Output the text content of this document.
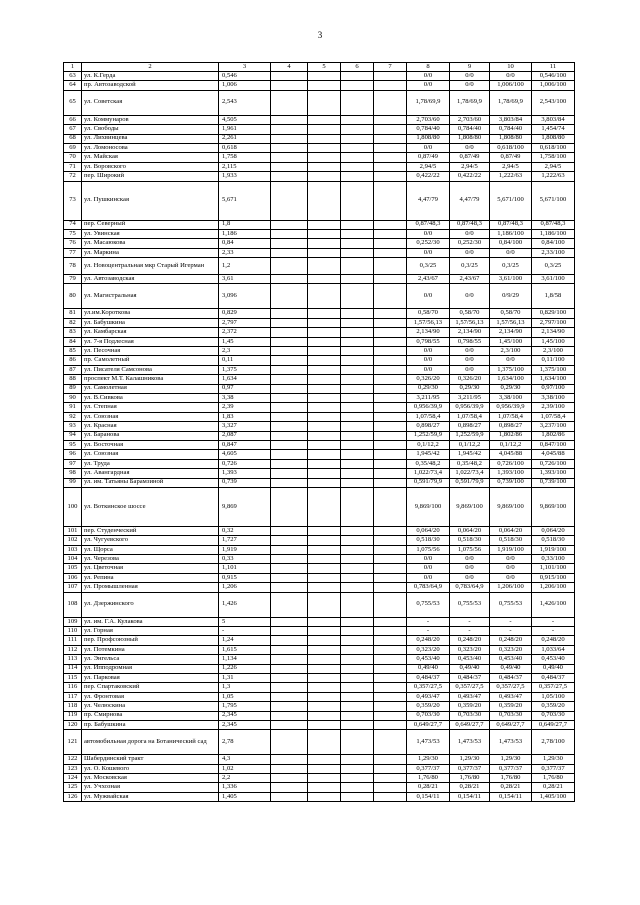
3
1	2	3	4	5	6	7	8	9	10	11
63	ул. К.Герда	0,546					0/0	0/0	0/0	0,546/100
64	пр. Автозаводской	1,006					0/0	0/0	1,006/100	1,006/100
65	ул. Советская	2,543					1,78/69,9	1,78/69,9	1,78/69,9	2,543/100
66	ул. Коммунаров	4,505					2,703/60	2,703/60	3,803/84	3,803/84
67	ул. Свободы	1,961					0,784/40	0,784/40	0,784/40	1,454/74
68	ул. Лихвинцева	2,261					1,808/80	1,808/80	1,808/80	1,808/80
69	ул. Ломоносова	0,618					0/0	0/0	0,618/100	0,618/100
70	ул. Майская	1,758					0,87/49	0,87/49	0,87/49	1,758/100
71	ул. Воровского	2,115					2,94/5	2,94/5	2,94/5	2,94/5
72	пер. Широкий	1,933					0,422/22	0,422/22	1,222/63	1,222/63
73	ул. Пушкинская	5,671					4,47/79	4,47/79	5,671/100	5,671/100
74	пер. Северный	1,8					0,87/48,3	0,87/48,3	0,87/48,3	0,87/48,3
75	ул. Увинская	1,186					0/0	0/0	1,186/100	1,186/100
76	ул. Масаюкова	0,84					0,252/30	0,252/30	0,84/100	0,84/100
77	ул. Маркина	2,33					0/0	0/0	0/0	2,33/100
78	ул. Новоцентральная мкр Старый Игерман	1,2					0,3/25	0,3/25	0,3/25	0,3/25
79	ул. Автозаводская	3,61					2,43/67	2,43/67	3,61/100	3,61/100
80	ул. Магистральная	3,096					0/0	0/0	0/9/29	1,8/58
81	ул.им.Короткова	0,829					0,58/70	0,58/70	0,58/70	0,829/100
82	ул. Бабушкина	2,797					1,57/56,13	1,57/56,13	1,57/56,13	2,797/100
83	ул. Камбарская	2,372					2,134/90	2,134/90	2,134/90	2,134/90
84	ул. 7-я Подлесная	1,45					0,798/55	0,798/55	1,45/100	1,45/100
85	ул. Песочная	2,3					0/0	0/0	2,3/100	2,3/100
86	пр. Самолетный	0,11					0/0	0/0	0/0	0,11/100
87	ул. Писателя Самсонова	1,375					0/0	0/0	1,375/100	1,375/100
88	проспект М.Т. Калашникова	1,634					0,326/20	0,326/20	1,634/100	1,634/100
89	ул. Самолетная	0,97					0,29/30	0,29/30	0,29/30	0,97/100
90	ул. В.Сивкова	3,38					3,211/95	3,211/95	3,38/100	3,38/100
91	ул. Степная	2,39					0,956/39,9	0,956/39,9	0,956/39,9	2,39/100
92	ул. Союзная	1,83					1,07/58,4	1,07/58,4	1,07/58,4	1,07/58,4
93	ул. Красная	3,327					0,898/27	0,898/27	0,898/27	3,237/100
94	ул. Баранова	2,087					1,252/59,9	1,252/59,9	1,802/86	1,802/86
95	ул. Восточная	0,847					0,1/12,2	0,1/12,2	0,1/12,2	0,847/100
96	ул. Союзная	4,605					1,945/42	1,945/42	4,045/88	4,045/88
97	ул. Труда	0,726					0,35/48,2	0,35/48,2	0,726/100	0,726/100
98	ул. Авангардная	1,393					1,022/73,4	1,022/73,4	1,393/100	1,393/100
99	ул. им. Татьяны Барамзиной	0,739					0,591/79,9	0,591/79,9	0,739/100	0,739/100
100	ул. Воткинское шоссе	9,869					9,869/100	9,869/100	9,869/100	9,869/100
101	пер. Студенческий	0,32					0,064/20	0,064/20	0,064/20	0,064/20
102	ул. Чугуевского	1,727					0,518/30	0,518/30	0,518/30	0,518/30
103	ул. Щорса	1,919					1,075/56	1,075/56	1,919/100	1,919/100
104	ул. Черезова	0,33					0/0	0/0	0/0	0,33/100
105	ул. Цветочная	1,101					0/0	0/0	0/0	1,101/100
106	ул. Репина	0,915					0/0	0/0	0/0	0,915/100
107	ул. Промышленная	1,206					0,783/64,9	0,783/64,9	1,206/100	1,206/100
108	ул. Дзержинского	1,426					0,755/53	0,755/53	0,755/53	1,426/100
109	ул. им. Г.А. Кулакова	5					-	-	-	-
110	ул. Горная	-					-	-	-	-
111	пер. Профсоюзный	1,24					0,248/20	0,248/20	0,248/20	0,248/20
112	ул. Потемкина	1,615					0,323/20	0,323/20	0,323/20	1,033/64
113	ул. Энгельса	1,134					0,453/40	0,453/40	0,453/40	0,453/40
114	ул. Ипподромная	1,226					0,49/40	0,49/40	0,49/40	0,49/40
115	ул. Парковая	1,31					0,484/37	0,484/37	0,484/37	0,484/37
116	пер. Спартаковский	1,3					0,357/27,5	0,357/27,5	0,357/27,5	0,357/27,5
117	ул. Фронтовая	1,05					0,493/47	0,493/47	0,493/47	1,05/100
118	ул. Челюскина	1,795					0,359/20	0,359/20	0,359/20	0,359/20
119	пр. Смирнова	2,345					0,703/30	0,703/30	0,703/30	0,703/30
120	пр. Бабушкина	2,345					0,649/27,7	0,649/27,7	0,649/27,7	0,649/27,7
121	автомобильная дорога на Ботанический сад	2,78					1,473/53	1,473/53	1,473/53	2,78/100
122	Шабердинский тракт	4,3					1,29/30	1,29/30	1,29/30	1,29/30
123	ул. О. Кошевого	1,02					0,377/37	0,377/37	0,377/37	0,377/37
124	ул. Московская	2,2					1,76/80	1,76/80	1,76/80	1,76/80
125	ул. Учхозная	1,336					0,28/21	0,28/21	0,28/21	0,28/21
126	ул. Мужвайская	1,405					0,154/11	0,154/11	0,154/11	1,405/100
